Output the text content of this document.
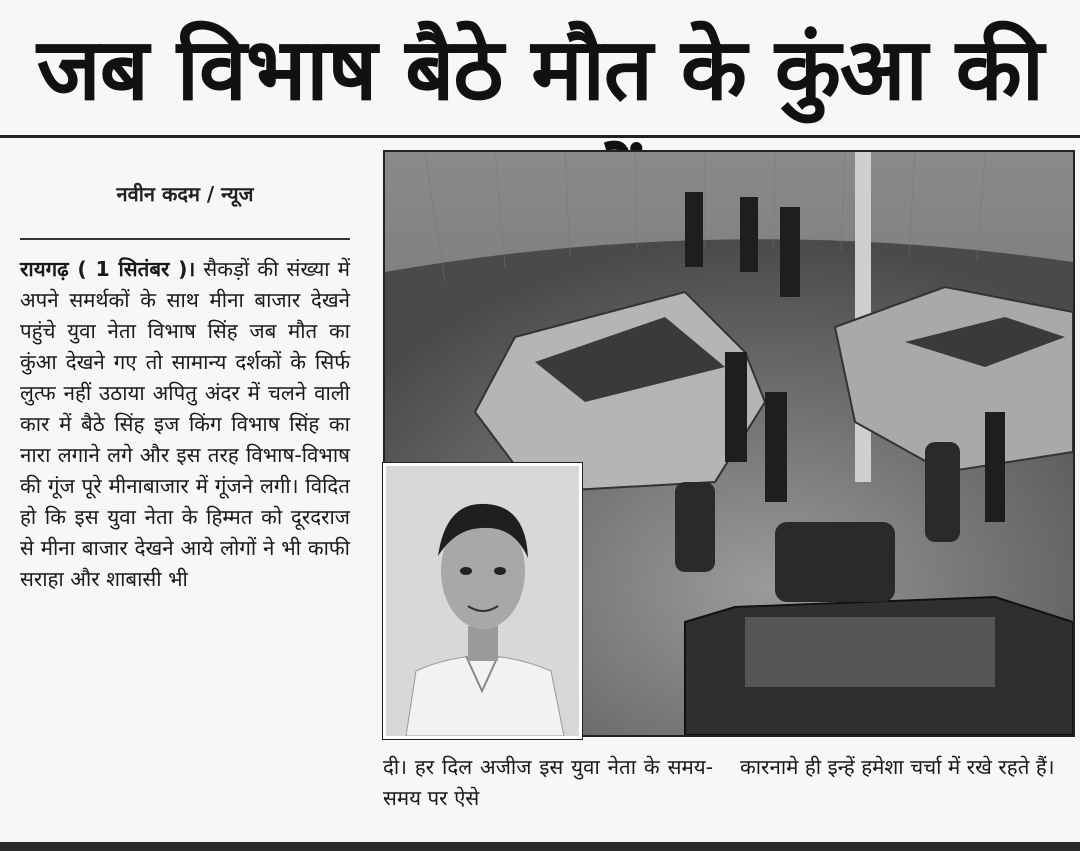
जब विभाष बैठे मौत के कुंआ की
नवीन कदम / न्यूज

रायगढ़ ( 1 सितंबर )। सैकड़ों की संख्या में अपने समर्थकों के साथ मीना बाजार देखने पहुंचे युवा नेता विभाष सिंह जब मौत का कुंआ देखने गए तो सामान्य दर्शकों के सिर्फ लुत्फ नहीं उठाया अपितु अंदर में चलने वाली कार में बैठे सिंह इज किंग विभाष सिंह का नारा लगाने लगे और इस तरह विभाष-विभाष की गूंज पूरे मीनाबाजार में गूंजने लगी। विदित हो कि इस युवा नेता के हिम्मत को दूरदराज से मीना बाजार देखने आये लोगों ने भी काफी सराहा और शाबासी भी

दी। हर दिल अजीज इस युवा नेता के समय-समय पर ऐसे

कारनामे ही इन्हें हमेशा चर्चा में रखे रहते हैं।
